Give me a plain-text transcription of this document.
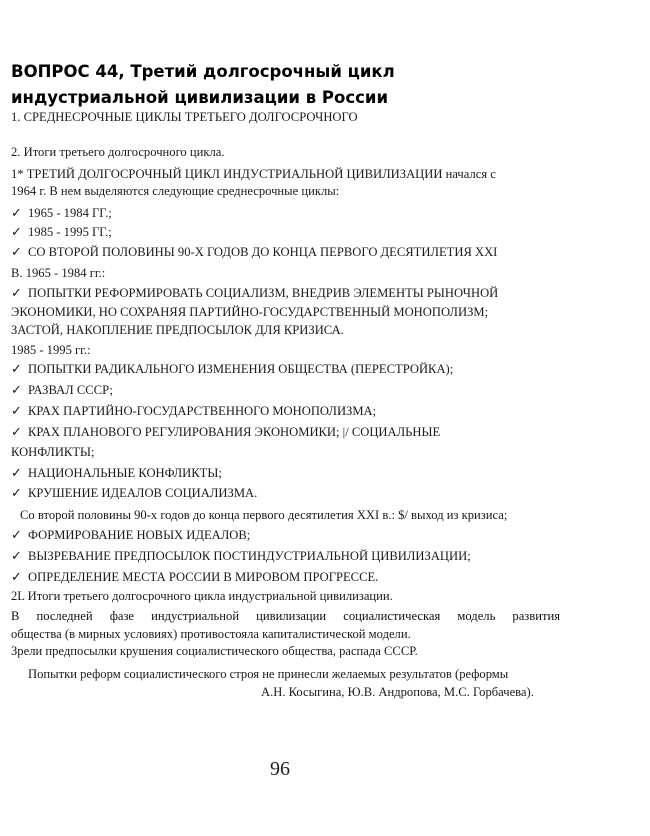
ВОПРОС 44, Третий долгосрочный цикл
индустриальной цивилизации в России
1. СРЕДНЕСРОЧНЫЕ ЦИКЛЫ ТРЕТЬЕГО ДОЛГОСРОЧНОГО
2. Итоги третьего долгосрочного цикла.
1* ТРЕТИЙ ДОЛГОСРОЧНЫЙ ЦИКЛ ИНДУСТРИАЛЬНОЙ ЦИВИЛИЗАЦИИ начался с
1964 г. В нем выделяются следующие среднесрочные циклы:
✓ 1965 - 1984 ГГ.;
✓ 1985 - 1995 ГГ.;
✓ СО ВТОРОЙ ПОЛОВИНЫ 90-Х ГОДОВ ДО КОНЦА ПЕРВОГО ДЕСЯТИЛЕТИЯ XXI
В. 1965 - 1984 гг.:
✓ ПОПЫТКИ РЕФОРМИРОВАТЬ СОЦИАЛИЗМ, ВНЕДРИВ ЭЛЕМЕНТЫ РЫНОЧНОЙ
ЭКОНОМИКИ, НО СОХРАНЯЯ ПАРТИЙНО-ГОСУДАРСТВЕННЫЙ МОНОПОЛИЗМ;
ЗАСТОЙ, НАКОПЛЕНИЕ ПРЕДПОСЫЛОК ДЛЯ КРИЗИСА.
1985 - 1995 гг.:
✓ ПОПЫТКИ РАДИКАЛЬНОГО ИЗМЕНЕНИЯ ОБЩЕСТВА (ПЕРЕСТРОЙКА);
✓ РАЗВАЛ СССР;
✓ КРАХ ПАРТИЙНО-ГОСУДАРСТВЕННОГО МОНОПОЛИЗМА;
✓ КРАХ ПЛАНОВОГО РЕГУЛИРОВАНИЯ ЭКОНОМИКИ; |/ СОЦИАЛЬНЫЕ
КОНФЛИКТЫ;
✓ НАЦИОНАЛЬНЫЕ КОНФЛИКТЫ;
✓ КРУШЕНИЕ ИДЕАЛОВ СОЦИАЛИЗМА.
Со второй половины 90-х годов до конца первого десятилетия XXI в.: $/ выход из кризиса;
✓ ФОРМИРОВАНИЕ НОВЫХ ИДЕАЛОВ;
✓ ВЫЗРЕВАНИЕ ПРЕДПОСЫЛОК ПОСТИНДУСТРИАЛЬНОЙ ЦИВИЛИЗАЦИИ;
✓ ОПРЕДЕЛЕНИЕ МЕСТА РОССИИ В МИРОВОМ ПРОГРЕССЕ.
2L Итоги третьего долгосрочного цикла индустриальной цивилизации.
В последней фазе индустриальной цивилизации социалистическая модель развития
общества (в мирных условиях) противостояла капиталистической модели.
Зрели предпосылки крушения социалистического общества, распада СССР.
Попытки реформ социалистического строя не принесли желаемых результатов (реформы
А.Н. Косыгина, Ю.В. Андропова, М.С. Горбачева).
96
